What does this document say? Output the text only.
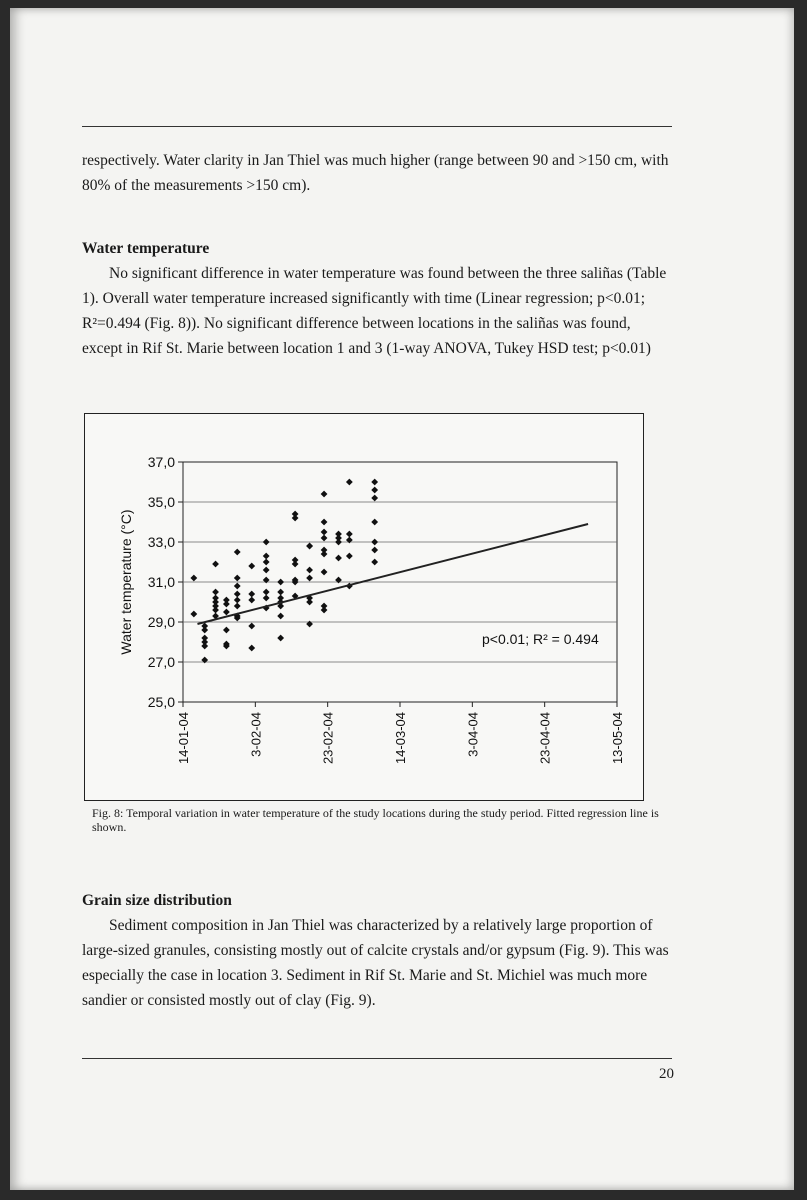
respectively. Water clarity in Jan Thiel was much higher (range between 90 and >150 cm, with 80% of the measurements >150 cm).
Water temperature
No significant difference in water temperature was found between the three saliñas (Table 1). Overall water temperature increased significantly with time (Linear regression; p<0.01; R²=0.494 (Fig. 8)). No significant difference between locations in the saliñas was found, except in Rif St. Marie between location 1 and 3 (1-way ANOVA, Tukey HSD test; p<0.01)
25,0
27,0
29,0
31,0
33,0
35,0
37,0
14-01-04	3-02-04	23-02-04	14-03-04	3-04-04	23-04-04	13-05-04
Water temperature (°C)	p<0.01; R² = 0.494
Fig. 8: Temporal variation in water temperature of the study locations during the study period. Fitted regression line is shown.
Grain size distribution
Sediment composition in Jan Thiel was characterized by a relatively large proportion of large-sized granules, consisting mostly out of calcite crystals and/or gypsum (Fig. 9). This was especially the case in location 3. Sediment in Rif St. Marie and St. Michiel was much more sandier or consisted mostly out of clay (Fig. 9).
20
